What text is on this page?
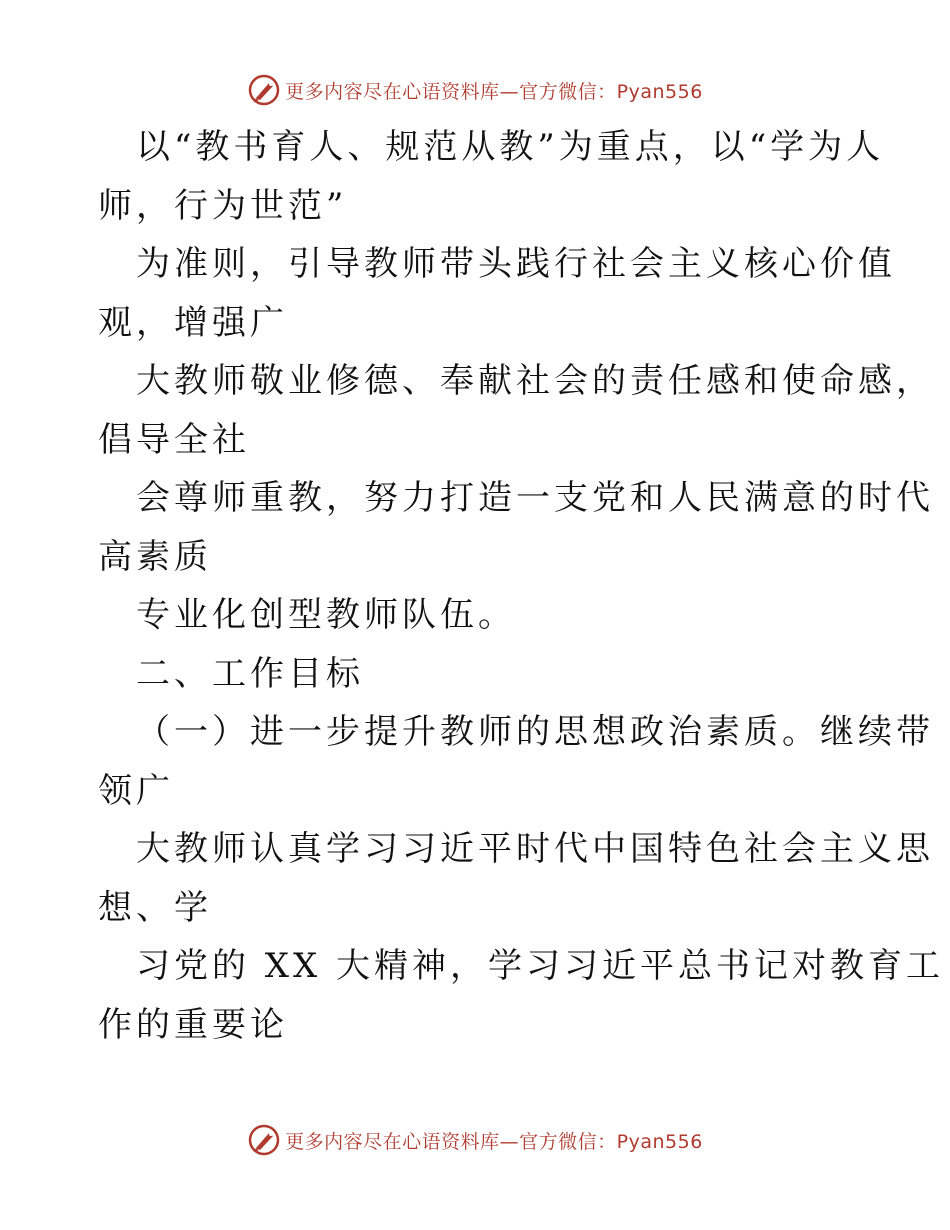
更多内容尽在心语资料库—官方微信：Pyan556
以“教书育人、规范从教”为重点，以“学为人
师，行为世范”
为准则，引导教师带头践行社会主义核心价值
观，增强广
大教师敬业修德、奉献社会的责任感和使命感，
倡导全社
会尊师重教，努力打造一支党和人民满意的时代
高素质
专业化创型教师队伍。
二、工作目标
（一）进一步提升教师的思想政治素质。继续带
领广
大教师认真学习习近平时代中国特色社会主义思
想、学
习党的 XX 大精神，学习习近平总书记对教育工
作的重要论
更多内容尽在心语资料库—官方微信：Pyan556
